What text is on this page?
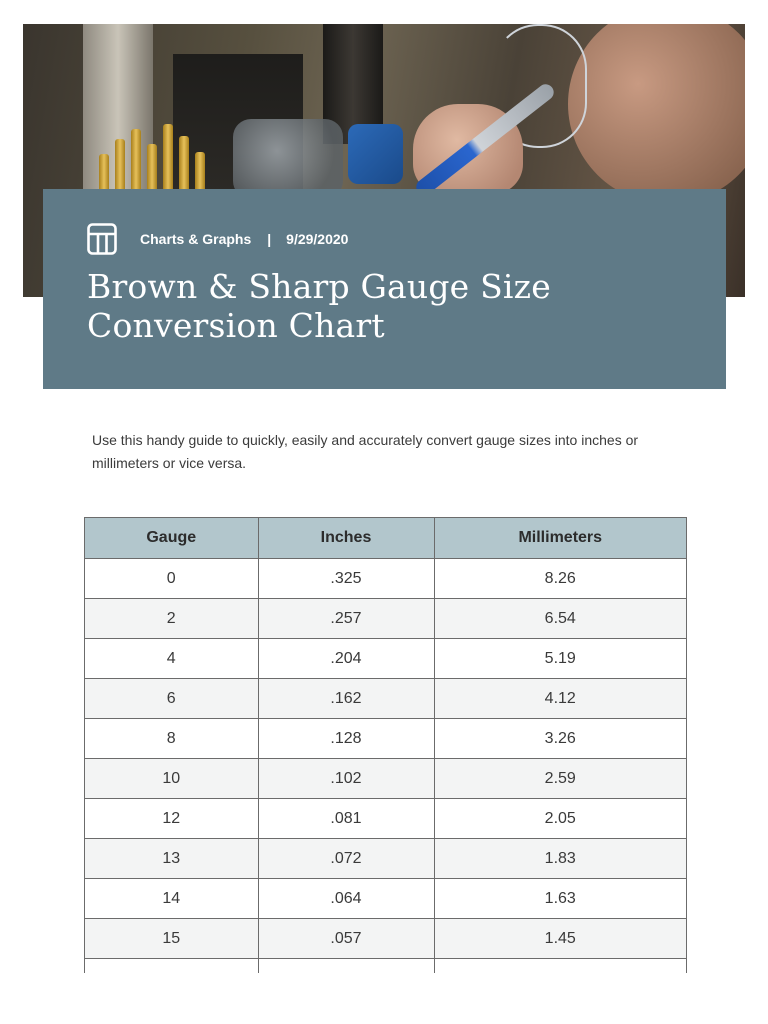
Charts & Graphs | 9/29/2020
Brown & Sharp Gauge Size
Conversion Chart

Use this handy guide to quickly, easily and accurately convert gauge sizes into inches or millimeters or vice versa.

Gauge	Inches	Millimeters
0	.325	8.26
2	.257	6.54
4	.204	5.19
6	.162	4.12
8	.128	3.26
10	.102	2.59
12	.081	2.05
13	.072	1.83
14	.064	1.63
15	.057	1.45
